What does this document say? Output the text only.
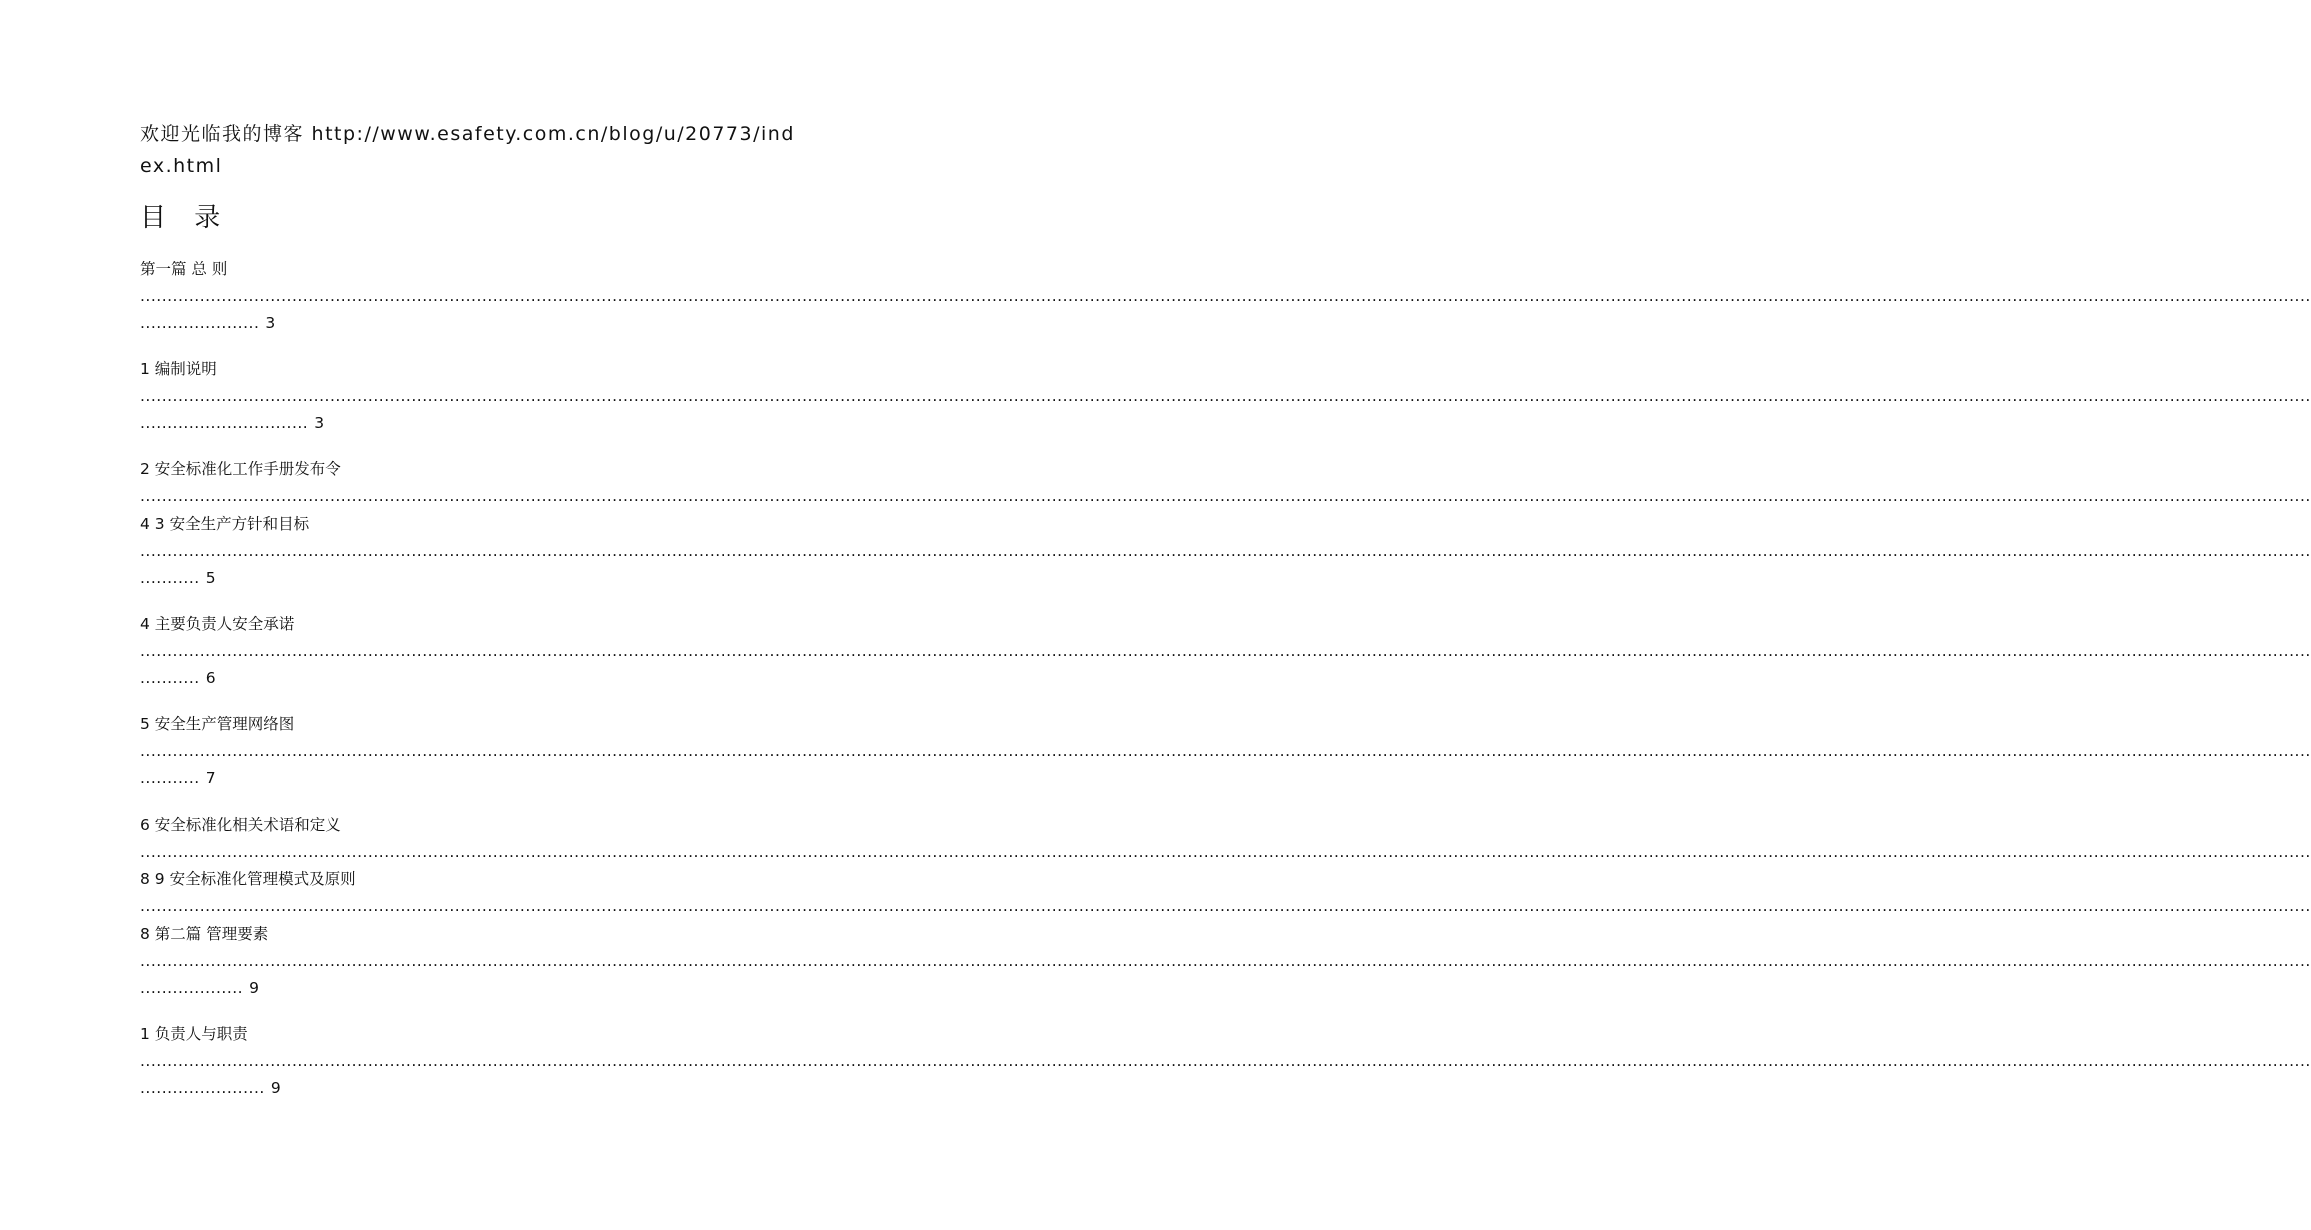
欢迎光临我的博客 http://www.esafety.com.cn/blog/u/20773/index.html
目 录
第一篇 总 则
................................................................................................................................................................................................................................................................................................................................................................................................................
...................... 3
1 编制说明
................................................................................................................................................................................................................................................................................................................................................................................................................
............................... 3
2 安全标准化工作手册发布令
................................................................................................................................................................................................................................................................................................................................................................................................................
4 3 安全生产方针和目标
................................................................................................................................................................................................................................................................................................................................................................................................................
........... 5
4 主要负责人安全承诺
................................................................................................................................................................................................................................................................................................................................................................................................................
........... 6
5 安全生产管理网络图
................................................................................................................................................................................................................................................................................................................................................................................................................
........... 7
6 安全标准化相关术语和定义
................................................................................................................................................................................................................................................................................................................................................................................................................
8 9 安全标准化管理模式及原则
................................................................................................................................................................................................................................................................................................................................................................................................................
8 第二篇 管理要素
................................................................................................................................................................................................................................................................................................................................................................................................................
................... 9
1 负责人与职责
................................................................................................................................................................................................................................................................................................................................................................................................................
....................... 9
